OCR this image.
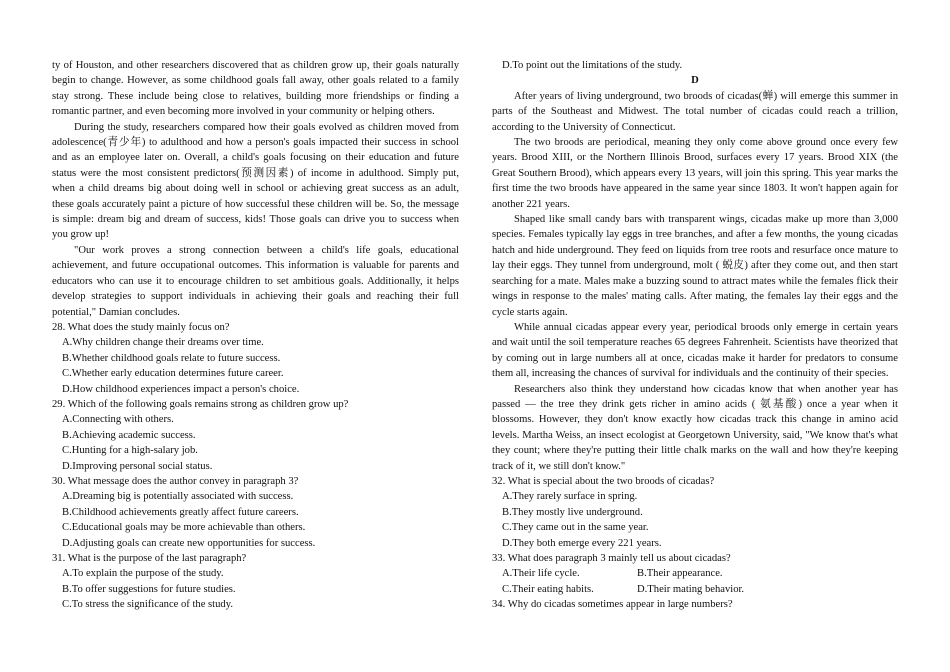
ty of Houston, and other researchers discovered that as children grow up, their goals naturally begin to change. However, as some childhood goals fall away, other goals related to a family stay strong. These include being close to relatives, building more friendships or finding a romantic partner, and even becoming more involved in your community or helping others.

During the study, researchers compared how their goals evolved as children moved from adolescence(青少年) to adulthood and how a person's goals impacted their success in school and as an employee later on. Overall, a child's goals focusing on their education and future status were the most consistent predictors(预测因素) of income in adulthood. Simply put, when a child dreams big about doing well in school or achieving great success as an adult, these goals accurately paint a picture of how successful these children will be. So, the message is simple: dream big and dream of success, kids! Those goals can drive you to success when you grow up!

"Our work proves a strong connection between a child's life goals, educational achievement, and future occupational outcomes. This information is valuable for parents and educators who can use it to encourage children to set ambitious goals. Additionally, it helps develop strategies to support individuals in achieving their goals and reaching their full potential," Damian concludes.

28. What does the study mainly focus on?

A.Why children change their dreams over time.

B.Whether childhood goals relate to future success.

C.Whether early education determines future career.

D.How childhood experiences impact a person's choice.

29. Which of the following goals remains strong as children grow up?

A.Connecting with others.

B.Achieving academic success.

C.Hunting for a high-salary job.

D.Improving personal social status.

30. What message does the author convey in paragraph 3?

A.Dreaming big is potentially associated with success.

B.Childhood achievements greatly affect future careers.

C.Educational goals may be more achievable than others.

D.Adjusting goals can create new opportunities for success.

31. What is the purpose of the last paragraph?

A.To explain the purpose of the study.

B.To offer suggestions for future studies.

C.To stress the significance of the study.

D.To point out the limitations of the study.

D

After years of living underground, two broods of cicadas(蝉) will emerge this summer in parts of the Southeast and Midwest. The total number of cicadas could reach a trillion, according to the University of Connecticut.

The two broods are periodical, meaning they only come above ground once every few years. Brood XIII, or the Northern Illinois Brood, surfaces every 17 years. Brood XIX (the Great Southern Brood), which appears every 13 years, will join this spring. This year marks the first time the two broods have appeared in the same year since 1803. It won't happen again for another 221 years.

Shaped like small candy bars with transparent wings, cicadas make up more than 3,000 species. Females typically lay eggs in tree branches, and after a few months, the young cicadas hatch and hide underground. They feed on liquids from tree roots and resurface once mature to lay their eggs. They tunnel from underground, molt ( 蜕皮) after they come out, and then start searching for a mate. Males make a buzzing sound to attract mates while the females flick their wings in response to the males' mating calls. After mating, the females lay their eggs and the cycle starts again.

While annual cicadas appear every year, periodical broods only emerge in certain years and wait until the soil temperature reaches 65 degrees Fahrenheit. Scientists have theorized that by coming out in large numbers all at once, cicadas make it harder for predators to consume them all, increasing the chances of survival for individuals and the continuity of their species.

Researchers also think they understand how cicadas know that when another year has passed — the tree they drink gets richer in amino acids ( 氨基酸) once a year when it blossoms. However, they don't know exactly how cicadas track this change in amino acid levels. Martha Weiss, an insect ecologist at Georgetown University, said, "We know that's what they count; where they're putting their little chalk marks on the wall and how they're keeping track of it, we still don't know."

32. What is special about the two broods of cicadas?

A.They rarely surface in spring.

B.They mostly live underground.

C.They came out in the same year.

D.They both emerge every 221 years.

33. What does paragraph 3 mainly tell us about cicadas?

A.Their life cycle.	B.Their appearance.
C.Their eating habits.	D.Their mating behavior.

34. Why do cicadas sometimes appear in large numbers?
